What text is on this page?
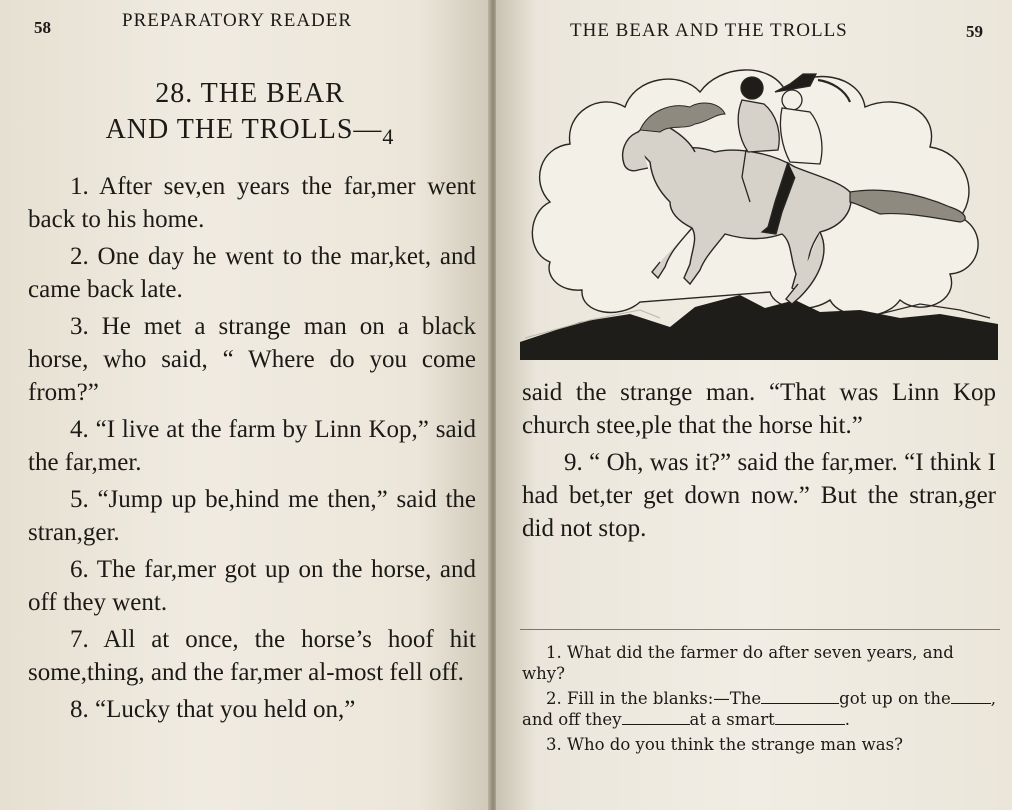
58	PREPARATORY READER
28. THE BEAR
AND THE $TROLLS—_4$

1. After sev,en years the far,mer went back to his home.

2. One day he went to the mar,ket, and came back late.

3. He met a strange man on a black horse, who said, “ Where do you come from?”

4. “I live at the farm by Linn Kop,” said the far,mer.

5. “Jump up be,hind me then,” said the stran,ger.

6. The far,mer got up on the horse, and off they went.

7. All at once, the horse’s hoof hit some,thing, and the far,mer al-most fell off.

8. “Lucky that you held on,”

THE BEAR AND THE TROLLS	59

said the strange man. “That was Linn Kop church stee,ple that the horse hit.”

9. “ Oh, was it?” said the far,mer. “I think I had bet,ter get down now.” But the stran,ger did not stop.

1. What did the farmer do after seven years, and why?

2. Fill in the blanks:—The	got up on the , and off they	at a smart	.

3. Who do you think the strange man was?
